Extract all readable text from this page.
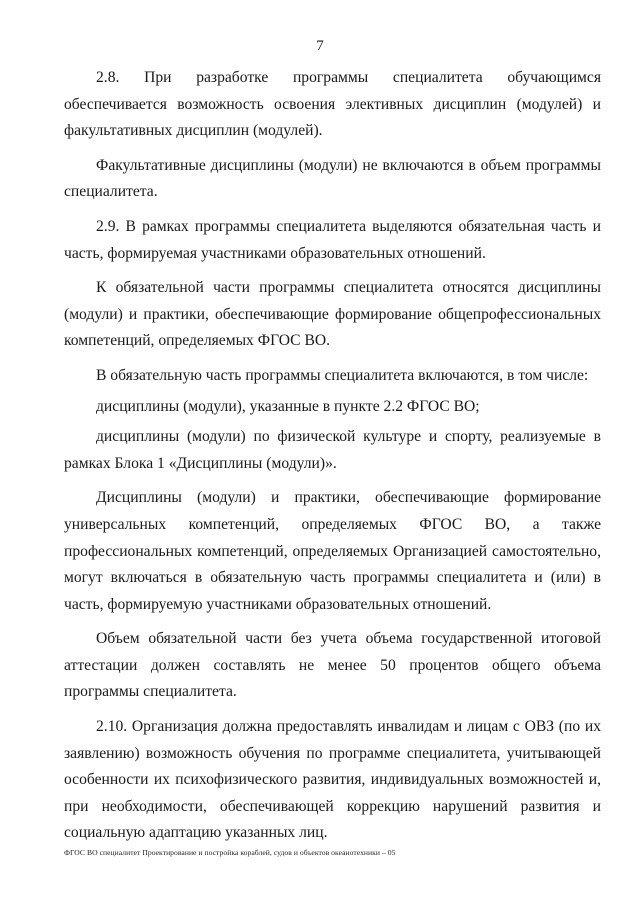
7

2.8. При разработке программы специалитета обучающимся обеспечивается возможность освоения элективных дисциплин (модулей) и факультативных дисциплин (модулей).

Факультативные дисциплины (модули) не включаются в объем программы специалитета.

2.9. В рамках программы специалитета выделяются обязательная часть и часть, формируемая участниками образовательных отношений.

К обязательной части программы специалитета относятся дисциплины (модули) и практики, обеспечивающие формирование общепрофессиональных компетенций, определяемых ФГОС ВО.

В обязательную часть программы специалитета включаются, в том числе:

дисциплины (модули), указанные в пункте 2.2 ФГОС ВО;

дисциплины (модули) по физической культуре и спорту, реализуемые в рамках Блока 1 «Дисциплины (модули)».

Дисциплины (модули) и практики, обеспечивающие формирование универсальных компетенций, определяемых ФГОС ВО, а также профессиональных компетенций, определяемых Организацией самостоятельно, могут включаться в обязательную часть программы специалитета и (или) в часть, формируемую участниками образовательных отношений.

Объем обязательной части без учета объема государственной итоговой аттестации должен составлять не менее 50 процентов общего объема программы специалитета.

2.10. Организация должна предоставлять инвалидам и лицам с ОВЗ (по их заявлению) возможность обучения по программе специалитета, учитывающей особенности их психофизического развития, индивидуальных возможностей и, при необходимости, обеспечивающей коррекцию нарушений развития и социальную адаптацию указанных лиц.

ФГОС ВО специалитет Проектирование и постройка кораблей, судов и объектов океанотехники – 05
